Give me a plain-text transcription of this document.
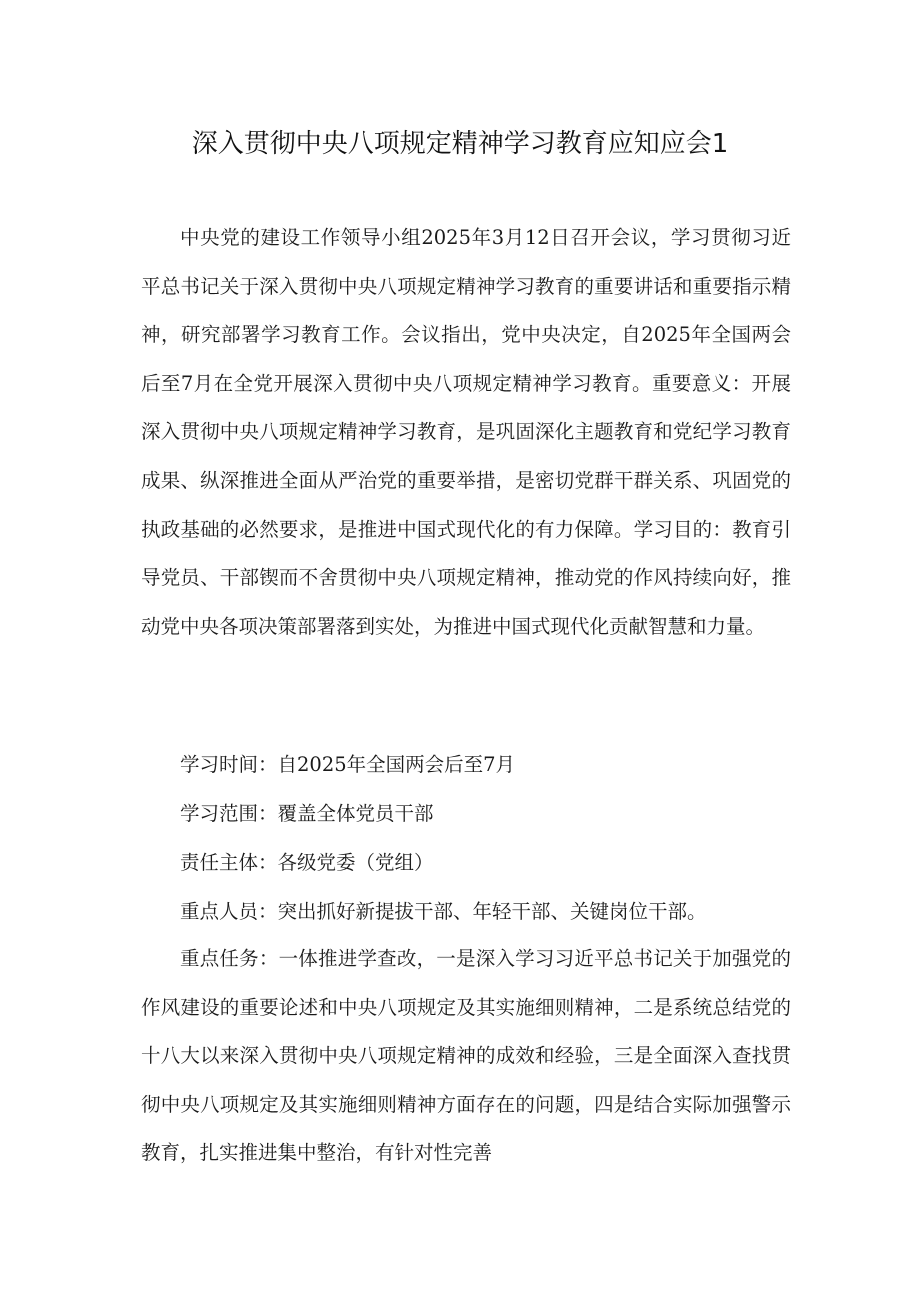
深入贯彻中央八项规定精神学习教育应知应会1

中央党的建设工作领导小组2025年3月12日召开会议，学习贯彻习近平总书记关于深入贯彻中央八项规定精神学习教育的重要讲话和重要指示精神，研究部署学习教育工作。会议指出，党中央决定，自2025年全国两会后至7月在全党开展深入贯彻中央八项规定精神学习教育。重要意义：开展深入贯彻中央八项规定精神学习教育，是巩固深化主题教育和党纪学习教育成果、纵深推进全面从严治党的重要举措，是密切党群干群关系、巩固党的执政基础的必然要求，是推进中国式现代化的有力保障。学习目的：教育引导党员、干部锲而不舍贯彻中央八项规定精神，推动党的作风持续向好，推动党中央各项决策部署落到实处，为推进中国式现代化贡献智慧和力量。

学习时间：自2025年全国两会后至7月

学习范围：覆盖全体党员干部

责任主体：各级党委（党组）

重点人员：突出抓好新提拔干部、年轻干部、关键岗位干部。

重点任务：一体推进学查改，一是深入学习习近平总书记关于加强党的作风建设的重要论述和中央八项规定及其实施细则精神，二是系统总结党的十八大以来深入贯彻中央八项规定精神的成效和经验，三是全面深入查找贯彻中央八项规定及其实施细则精神方面存在的问题，四是结合实际加强警示教育，扎实推进集中整治，有针对性完善
